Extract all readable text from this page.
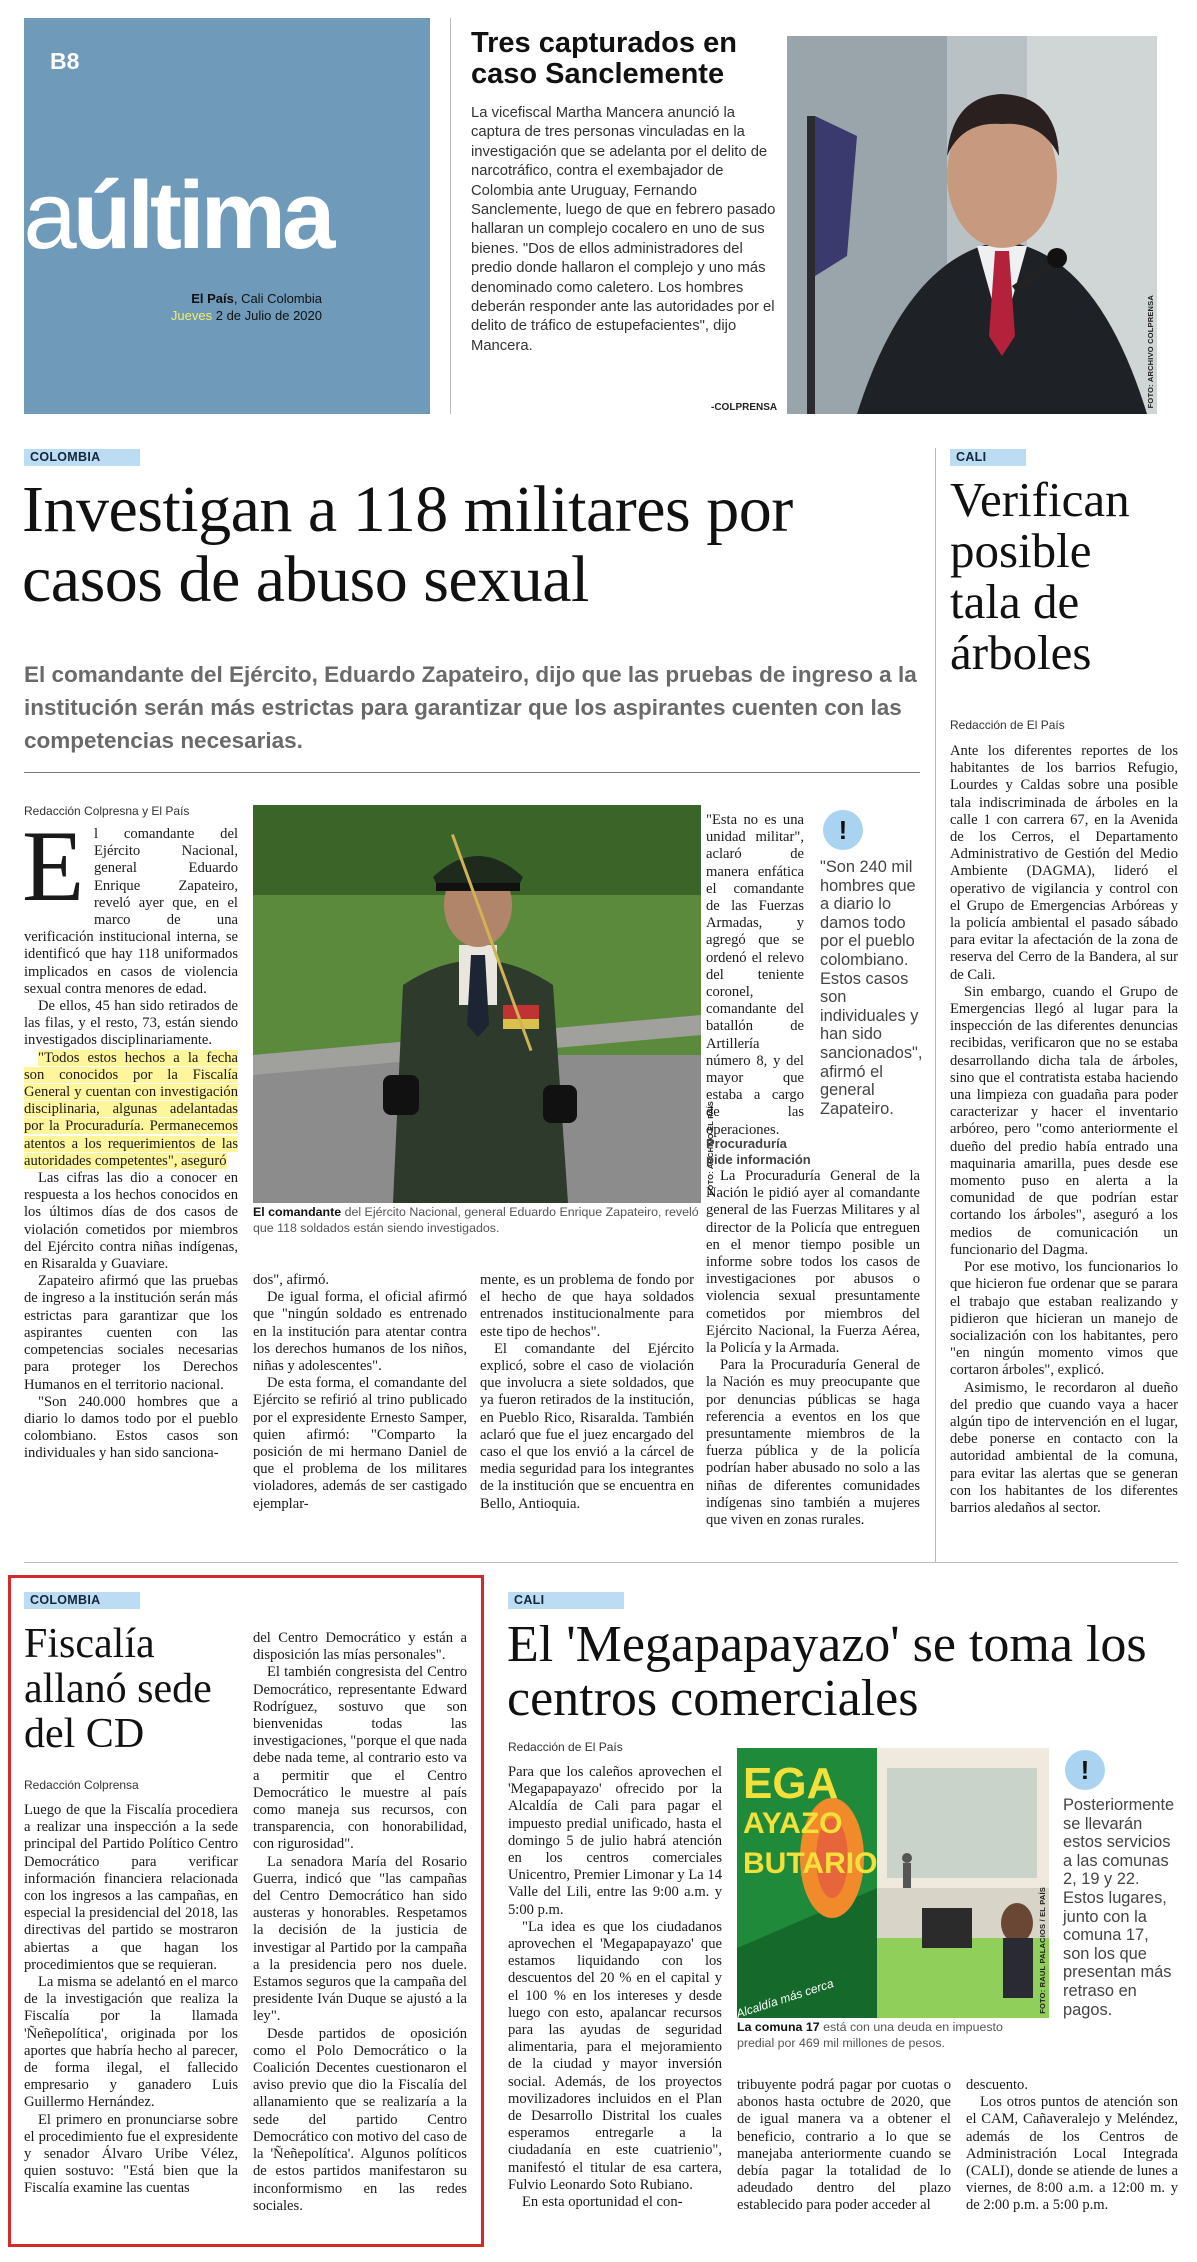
B8
laúltima
El País, Cali Colombia
Jueves 2 de Julio de 2020
Tres capturados en caso Sanclemente
La vicefiscal Martha Mancera anunció la captura de tres personas vinculadas en la investigación que se adelanta por el delito de narcotráfico, contra el exembajador de Colombia ante Uruguay, Fernando Sanclemente, luego de que en febrero pasado hallaran un complejo cocalero en uno de sus bienes. "Dos de ellos administradores del predio donde hallaron el complejo y uno más denominado como caletero. Los hombres deberán responder ante las autoridades por el delito de tráfico de estupefacientes", dijo Mancera.
-COLPRENSA	FOTO: ARCHIVO COLPRENSA
COLOMBIA
Investigan a 118 militares por casos de abuso sexual
El comandante del Ejército, Eduardo Zapateiro, dijo que las pruebas de ingreso a la institución serán más estrictas para garantizar que los aspirantes cuenten con las competencias necesarias.
Redacción Colpresna y El País
E l comandante del Ejército Nacional, general Eduardo Enrique Zapateiro, reveló ayer que, en el marco de una verificación institucional interna, se identificó que hay 118 uniformados implicados en casos de violencia sexual contra menores de edad.

De ellos, 45 han sido retirados de las filas, y el resto, 73, están siendo investigados disciplinariamente.

"Todos estos hechos a la fecha son conocidos por la Fiscalía General y cuentan con investigación disciplinaria, algunas adelantadas por la Procuraduría. Permanecemos atentos a los requerimientos de las autoridades competentes", aseguró

Las cifras las dio a conocer en respuesta a los hechos conocidos en los últimos días de dos casos de violación cometidos por miembros del Ejército contra niñas indígenas, en Risaralda y Guaviare.

Zapateiro afirmó que las pruebas de ingreso a la institución serán más estrictas para garantizar que los aspirantes cuenten con las competencias sociales necesarias para proteger los Derechos Humanos en el territorio nacional.

"Son 240.000 hombres que a diario lo damos todo por el pueblo colombiano. Estos casos son individuales y han sido sanciona-

FOTO: ARCHIVO EL PAÍS
El comandante del Ejército Nacional, general Eduardo Enrique Zapateiro, reveló que 118 soldados están siendo investigados.

dos", afirmó.

De igual forma, el oficial afirmó que "ningún soldado es entrenado en la institución para atentar contra los derechos humanos de los niños, niñas y adolescentes".

De esta forma, el comandante del Ejército se refirió al trino publicado por el expresidente Ernesto Samper, quien afirmó: "Comparto la posición de mi hermano Daniel de que el problema de los militares violadores, además de ser castigado ejemplar-

mente, es un problema de fondo por el hecho de que haya soldados entrenados institucionalmente para este tipo de hechos".

El comandante del Ejército explicó, sobre el caso de violación que involucra a siete soldados, que ya fueron retirados de la institución, en Pueblo Rico, Risaralda. También aclaró que fue el juez encargado del caso el que los envió a la cárcel de media seguridad para los integrantes de la institución que se encuentra en Bello, Antioquia.

"Esta no es una unidad militar", aclaró de manera enfática el comandante de las Fuerzas Armadas, y agregó que se ordenó el relevo del teniente coronel, comandante del batallón de Artillería número 8, y del mayor que estaba a cargo de las operaciones.

!
"Son 240 mil hombres que a diario lo damos todo por el pueblo colombiano. Estos casos son individuales y han sido sancionados", afirmó el general Zapateiro.
Procuraduría
pide información

La Procuraduría General de la Nación le pidió ayer al comandante general de las Fuerzas Militares y al director de la Policía que entreguen en el menor tiempo posible un informe sobre todos los casos de investigaciones por abusos o violencia sexual presuntamente cometidos por miembros del Ejército Nacional, la Fuerza Aérea, la Policía y la Armada.

Para la Procuraduría General de la Nación es muy preocupante que por denuncias públicas se haga referencia a eventos en los que presuntamente miembros de la fuerza pública y de la policía podrían haber abusado no solo a las niñas de diferentes comunidades indígenas sino también a mujeres que viven en zonas rurales.

CALI
Verifican posible tala de árboles
Redacción de El País

Ante los diferentes reportes de los habitantes de los barrios Refugio, Lourdes y Caldas sobre una posible tala indiscriminada de árboles en la calle 1 con carrera 67, en la Avenida de los Cerros, el Departamento Administrativo de Gestión del Medio Ambiente (DAGMA), lideró el operativo de vigilancia y control con el Grupo de Emergencias Arbóreas y la policía ambiental el pasado sábado para evitar la afectación de la zona de reserva del Cerro de la Bandera, al sur de Cali.

Sin embargo, cuando el Grupo de Emergencias llegó al lugar para la inspección de las diferentes denuncias recibidas, verificaron que no se estaba desarrollando dicha tala de árboles, sino que el contratista estaba haciendo una limpieza con guadaña para poder caracterizar y hacer el inventario arbóreo, pero "como anteriormente el dueño del predio había entrado una maquinaria amarilla, pues desde ese momento puso en alerta a la comunidad de que podrían estar cortando los árboles", aseguró a los medios de comunicación un funcionario del Dagma.

Por ese motivo, los funcionarios lo que hicieron fue ordenar que se parara el trabajo que estaban realizando y pidieron que hicieran un manejo de socialización con los habitantes, pero "en ningún momento vimos que cortaron árboles", explicó.

Asimismo, le recordaron al dueño del predio que cuando vaya a hacer algún tipo de intervención en el lugar, debe ponerse en contacto con la autoridad ambiental de la comuna, para evitar las alertas que se generan con los habitantes de los diferentes barrios aledaños al sector.

COLOMBIA
Fiscalía allanó sede del CD
Redacción Colprensa

Luego de que la Fiscalía procediera a realizar una inspección a la sede principal del Partido Político Centro Democrático para verificar información financiera relacionada con los ingresos a las campañas, en especial la presidencial del 2018, las directivas del partido se mostraron abiertas a que hagan los procedimientos que se requieran.

La misma se adelantó en el marco de la investigación que realiza la Fiscalía por la llamada 'Ñeñepolítica', originada por los aportes que habría hecho al parecer, de forma ilegal, el fallecido empresario y ganadero Luis Guillermo Hernández.

El primero en pronunciarse sobre el procedimiento fue el expresidente y senador Álvaro Uribe Vélez, quien sostuvo: "Está bien que la Fiscalía examine las cuentas

del Centro Democrático y están a disposición las mías personales".

El también congresista del Centro Democrático, representante Edward Rodríguez, sostuvo que son bienvenidas todas las investigaciones, "porque el que nada debe nada teme, al contrario esto va a permitir que el Centro Democrático le muestre al país como maneja sus recursos, con transparencia, con honorabilidad, con rigurosidad".

La senadora María del Rosario Guerra, indicó que "las campañas del Centro Democrático han sido austeras y honorables. Respetamos la decisión de la justicia de investigar al Partido por la campaña a la presidencia pero nos duele. Estamos seguros que la campaña del presidente Iván Duque se ajustó a la ley".

Desde partidos de oposición como el Polo Democrático o la Coalición Decentes cuestionaron el aviso previo que dio la Fiscalía del allanamiento que se realizaría a la sede del partido Centro Democrático con motivo del caso de la 'Ñeñepolítica'. Algunos políticos de estos partidos manifestaron su inconformismo en las redes sociales.

CALI
El 'Megapapayazo' se toma los centros comerciales
Redacción de El País

Para que los caleños aprovechen el 'Megapapayazo' ofrecido por la Alcaldía de Cali para pagar el impuesto predial unificado, hasta el domingo 5 de julio habrá atención en los centros comerciales Unicentro, Premier Limonar y La 14 Valle del Lili, entre las 9:00 a.m. y 5:00 p.m.

"La idea es que los ciudadanos aprovechen el 'Megapapayazo' que estamos liquidando con los descuentos del 20 % en el capital y el 100 % en los intereses y desde luego con esto, apalancar recursos para las ayudas de seguridad alimentaria, para el mejoramiento de la ciudad y mayor inversión social. Además, de los proyectos movilizadores incluidos en el Plan de Desarrollo Distrital los cuales esperamos entregarle a la ciudadanía en este cuatrienio", manifestó el titular de esa cartera, Fulvio Leonardo Soto Rubiano.

En esta oportunidad el con-

EGA
AYAZO
BUTARIO
Alcaldía más cerca	FOTO: RAUL PALACIOS / EL PAÍS
La comuna 17 está con una deuda en impuesto predial por 469 mil millones de pesos.

tribuyente podrá pagar por cuotas o abonos hasta octubre de 2020, que de igual manera va a obtener el beneficio, contrario a lo que se manejaba anteriormente cuando se debía pagar la totalidad de lo adeudado dentro del plazo establecido para poder acceder al

descuento.

Los otros puntos de atención son el CAM, Cañaveralejo y Meléndez, además de los Centros de Administración Local Integrada (CALI), donde se atiende de lunes a viernes, de 8:00 a.m. a 12:00 m. y de 2:00 p.m. a 5:00 p.m.

!
Posteriormente se llevarán estos servicios a las comunas 2, 19 y 22. Estos lugares, junto con la comuna 17, son los que presentan más retraso en pagos.
